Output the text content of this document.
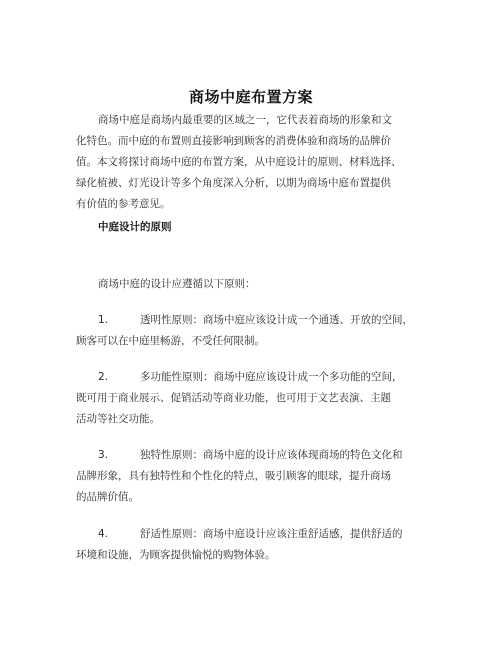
商场中庭布置方案
商场中庭是商场内最重要的区域之一，它代表着商场的形象和文
化特色。而中庭的布置则直接影响到顾客的消费体验和商场的品牌价
值。本文将探讨商场中庭的布置方案，从中庭设计的原则、材料选择、
绿化植被、灯光设计等多个角度深入分析，以期为商场中庭布置提供
有价值的参考意见。
中庭设计的原则
商场中庭的设计应遵循以下原则：
1.	透明性原则：商场中庭应该设计成一个通透、开放的空间，
顾客可以在中庭里畅游，不受任何限制。
2.	多功能性原则：商场中庭应该设计成一个多功能的空间，
既可用于商业展示、促销活动等商业功能，也可用于文艺表演、主题
活动等社交功能。
3.	独特性原则：商场中庭的设计应该体现商场的特色文化和
品牌形象，具有独特性和个性化的特点，吸引顾客的眼球，提升商场
的品牌价值。
4.	舒适性原则：商场中庭设计应该注重舒适感，提供舒适的
环境和设施，为顾客提供愉悦的购物体验。
